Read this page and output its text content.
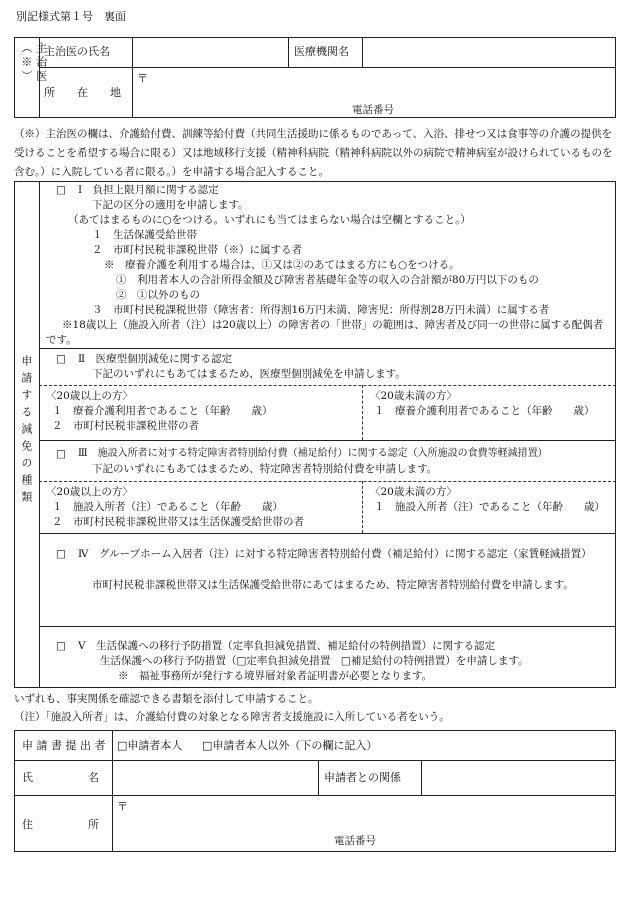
別記様式第１号　裏面
主治医（※）	主治医の氏名	医療機関名
所　　在　　地
〒
電話番号
（※）主治医の欄は、介護給付費、訓練等給付費（共同生活援助に係るものであって、入浴、排せつ又は食事等の介護の提供を受けることを希望する場合に限る）又は地域移行支援（精神科病院（精神科病院以外の病院で精神病室が設けられているものを含む。）に入院している者に限る。）を申請する場合記入すること。
申請する減免の種類
□ Ⅰ　負担上限月額に関する認定
下記の区分の適用を申請します。
（あてはまるものに○をつける。いずれにも当てはまらない場合は空欄とすること。）
１　生活保護受給世帯
２　市町村民税非課税世帯（※）に属する者
※　療養介護を利用する場合は、①又は②のあてはまる方にも○をつける。
①　利用者本人の合計所得金額及び障害者基礎年金等の収入の合計額が80万円以下のもの
②　①以外のもの
３　市町村民税課税世帯（障害者：所得割16万円未満、障害児：所得割28万円未満）に属する者
※18歳以上（施設入所者（注）は20歳以上）の障害者の「世帯」の範囲は、障害者及び同一の世帯に属する配偶者です。
□ Ⅱ　医療型個別減免に関する認定
下記のいずれにもあてはまるため、医療型個別減免を申請します。
〈20歳以上の方〉
１　療養介護利用者であること（年齢　　歳）
２　市町村民税非課税世帯の者
〈20歳未満の方〉
１　療養介護利用者であること（年齢　　歳）
□ Ⅲ　施設入所者に対する特定障害者特別給付費（補足給付）に関する認定（入所施設の食費等軽減措置）
下記のいずれにもあてはまるため、特定障害者特別給付費を申請します。
〈20歳以上の方〉
１　施設入所者（注）であること（年齢　　歳）
２　市町村民税非課税世帯又は生活保護受給世帯の者
〈20歳未満の方〉
１　施設入所者（注）であること（年齢　　歳）
□ Ⅳ　グループホーム入居者（注）に対する特定障害者特別給付費（補足給付）に関する認定（家賃軽減措置）
市町村民税非課税世帯又は生活保護受給世帯にあてはまるため、特定障害者特別給付費を申請します。
□ Ⅴ　生活保護への移行予防措置（定率負担減免措置、補足給付の特例措置）に関する認定
生活保護への移行予防措置（□定率負担減免措置　□補足給付の特例措置）を申請します。
※　福祉事務所が発行する境界層対象者証明書が必要となります。
いずれも、事実関係を確認できる書類を添付して申請すること。
（注）「施設入所者」は、介護給付費の対象となる障害者支援施設に入所している者をいう。
申 請 書 提 出 者 □申請者本人 □申請者本人以外（下の欄に記入）
氏　　　　　名	申請者との関係
住　　　　　所
〒
電話番号
